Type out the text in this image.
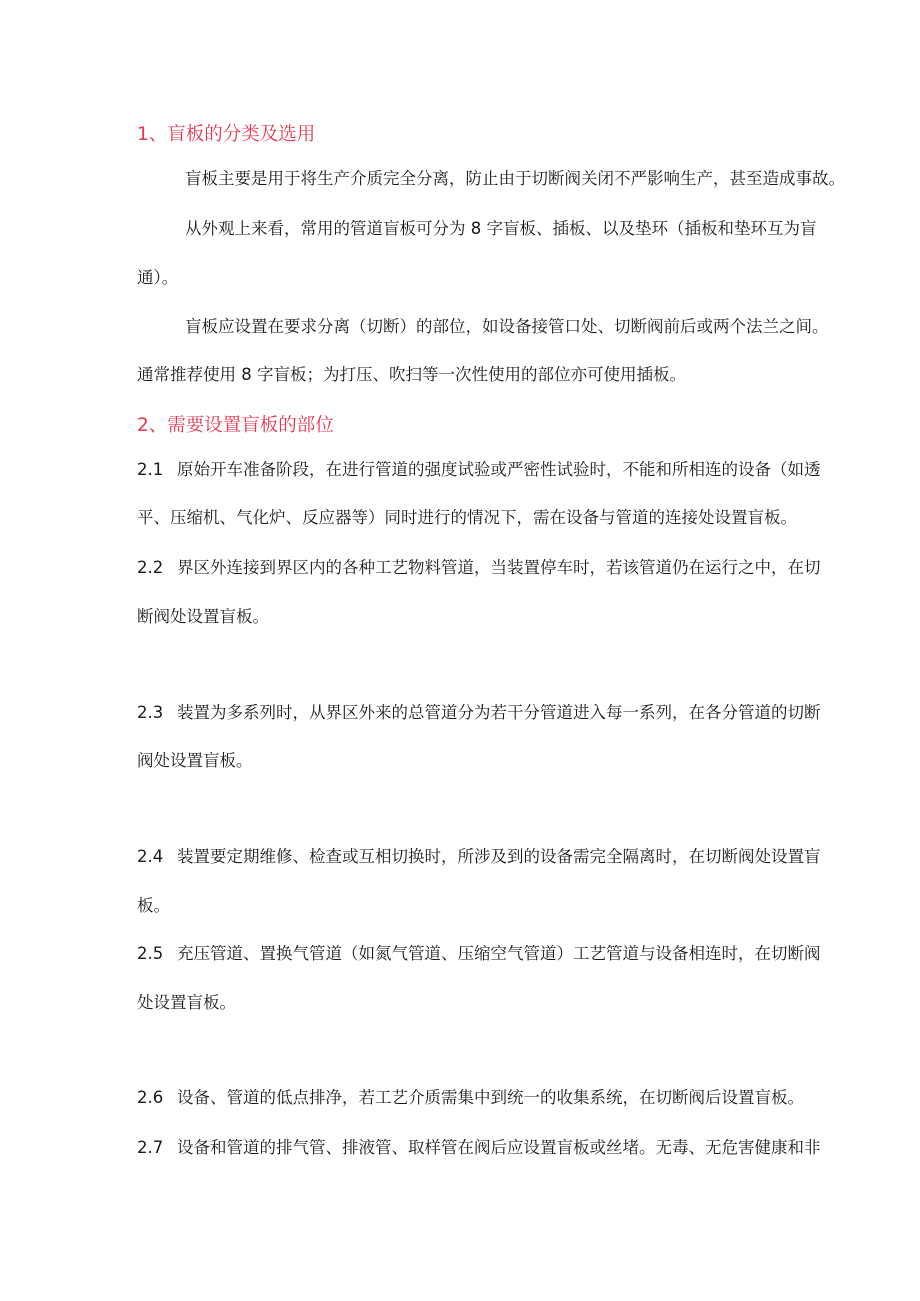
1、盲板的分类及选用

盲板主要是用于将生产介质完全分离，防止由于切断阀关闭不严影响生产，甚至造成事故。

从外观上来看，常用的管道盲板可分为 8 字盲板、插板、以及垫环（插板和垫环互为盲

通）。

盲板应设置在要求分离（切断）的部位，如设备接管口处、切断阀前后或两个法兰之间。

通常推荐使用 8 字盲板；为打压、吹扫等一次性使用的部位亦可使用插板。

2、需要设置盲板的部位
2.1 原始开车准备阶段，在进行管道的强度试验或严密性试验时，不能和所相连的设备（如透

平、压缩机、气化炉、反应器等）同时进行的情况下，需在设备与管道的连接处设置盲板。

2.2 界区外连接到界区内的各种工艺物料管道，当装置停车时，若该管道仍在运行之中，在切

断阀处设置盲板。

2.3 装置为多系列时，从界区外来的总管道分为若干分管道进入每一系列，在各分管道的切断

阀处设置盲板。

2.4 装置要定期维修、检查或互相切换时，所涉及到的设备需完全隔离时，在切断阀处设置盲

板。

2.5 充压管道、置换气管道（如氮气管道、压缩空气管道）工艺管道与设备相连时，在切断阀

处设置盲板。

2.6 设备、管道的低点排净，若工艺介质需集中到统一的收集系统，在切断阀后设置盲板。

2.7 设备和管道的排气管、排液管、取样管在阀后应设置盲板或丝堵。无毒、无危害健康和非
